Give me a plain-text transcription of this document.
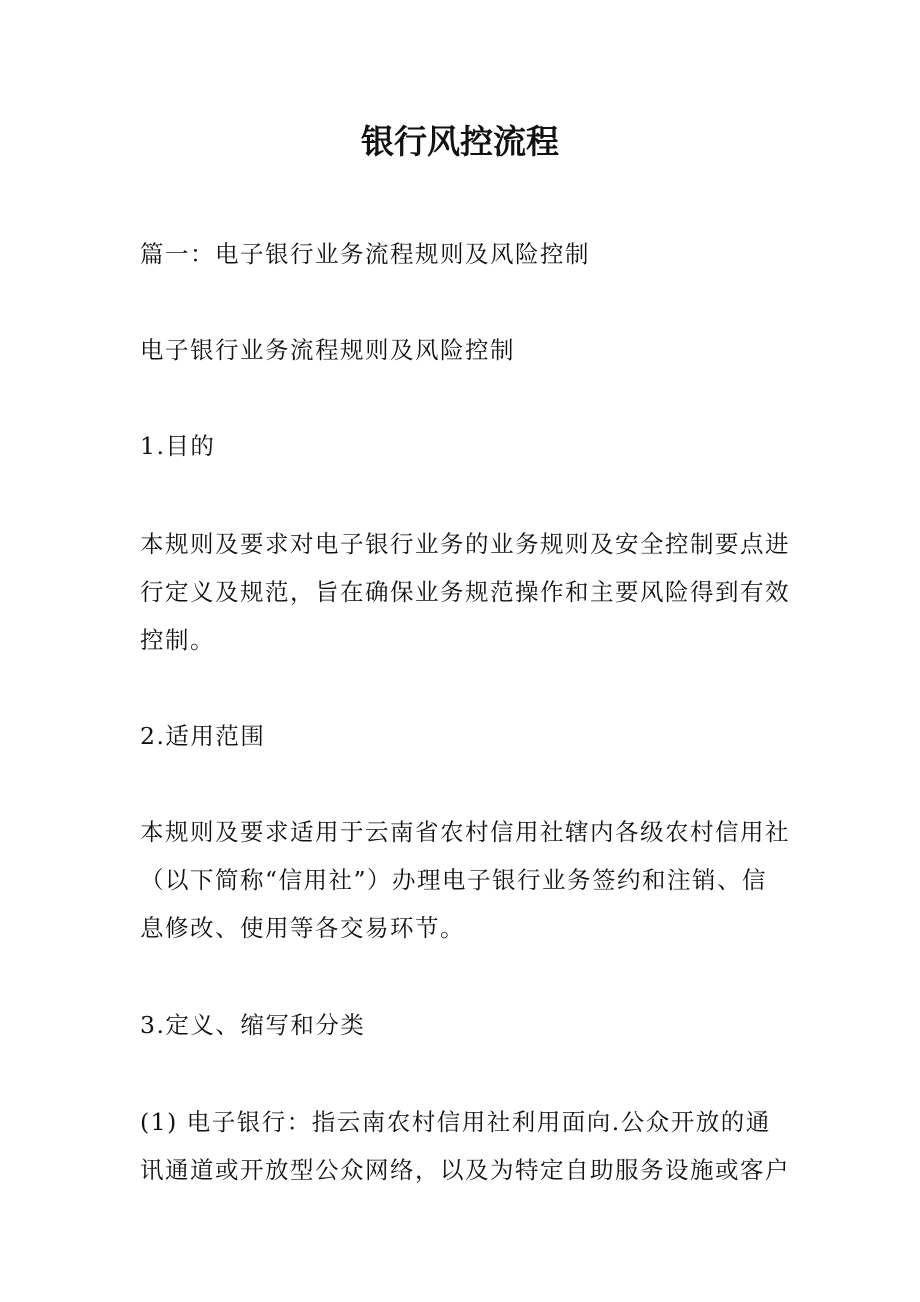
银行风控流程

篇一：电子银行业务流程规则及风险控制

电子银行业务流程规则及风险控制

1.目的

本规则及要求对电子银行业务的业务规则及安全控制要点进行定义及规范，旨在确保业务规范操作和主要风险得到有效控制。

2.适用范围

本规则及要求适用于云南省农村信用社辖内各级农村信用社（以下简称“信用社”）办理电子银行业务签约和注销、信息修改、使用等各交易环节。

3.定义、缩写和分类

(1) 电子银行：指云南农村信用社利用面向.公众开放的通讯通道或开放型公众网络，以及为特定自助服务设施或客户
